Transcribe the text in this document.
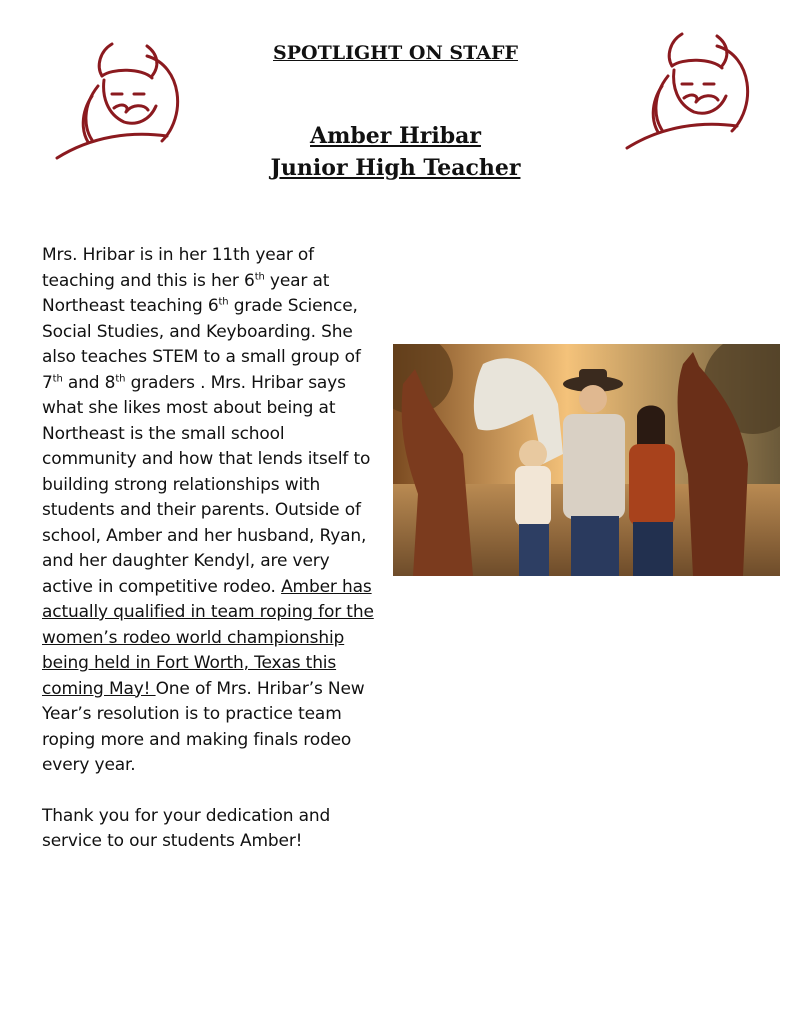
SPOTLIGHT ON STAFF
Amber Hribar
Junior High Teacher

Mrs. Hribar is in her 11th year of teaching and this is her 6th year at Northeast teaching 6th grade Science, Social Studies, and Keyboarding. She also teaches STEM to a small group of 7th and 8th graders . Mrs. Hribar says what she likes most about being at Northeast is the small school community and how that lends itself to building strong relationships with students and their parents. Outside of school, Amber and her husband, Ryan, and her daughter Kendyl, are very active in competitive rodeo. Amber has actually qualified in team roping for the women’s rodeo world championship being held in Fort Worth, Texas this coming May! One of Mrs. Hribar’s New Year’s resolution is to practice team roping more and making finals rodeo every year.

Thank you for your dedication and service to our students Amber!
